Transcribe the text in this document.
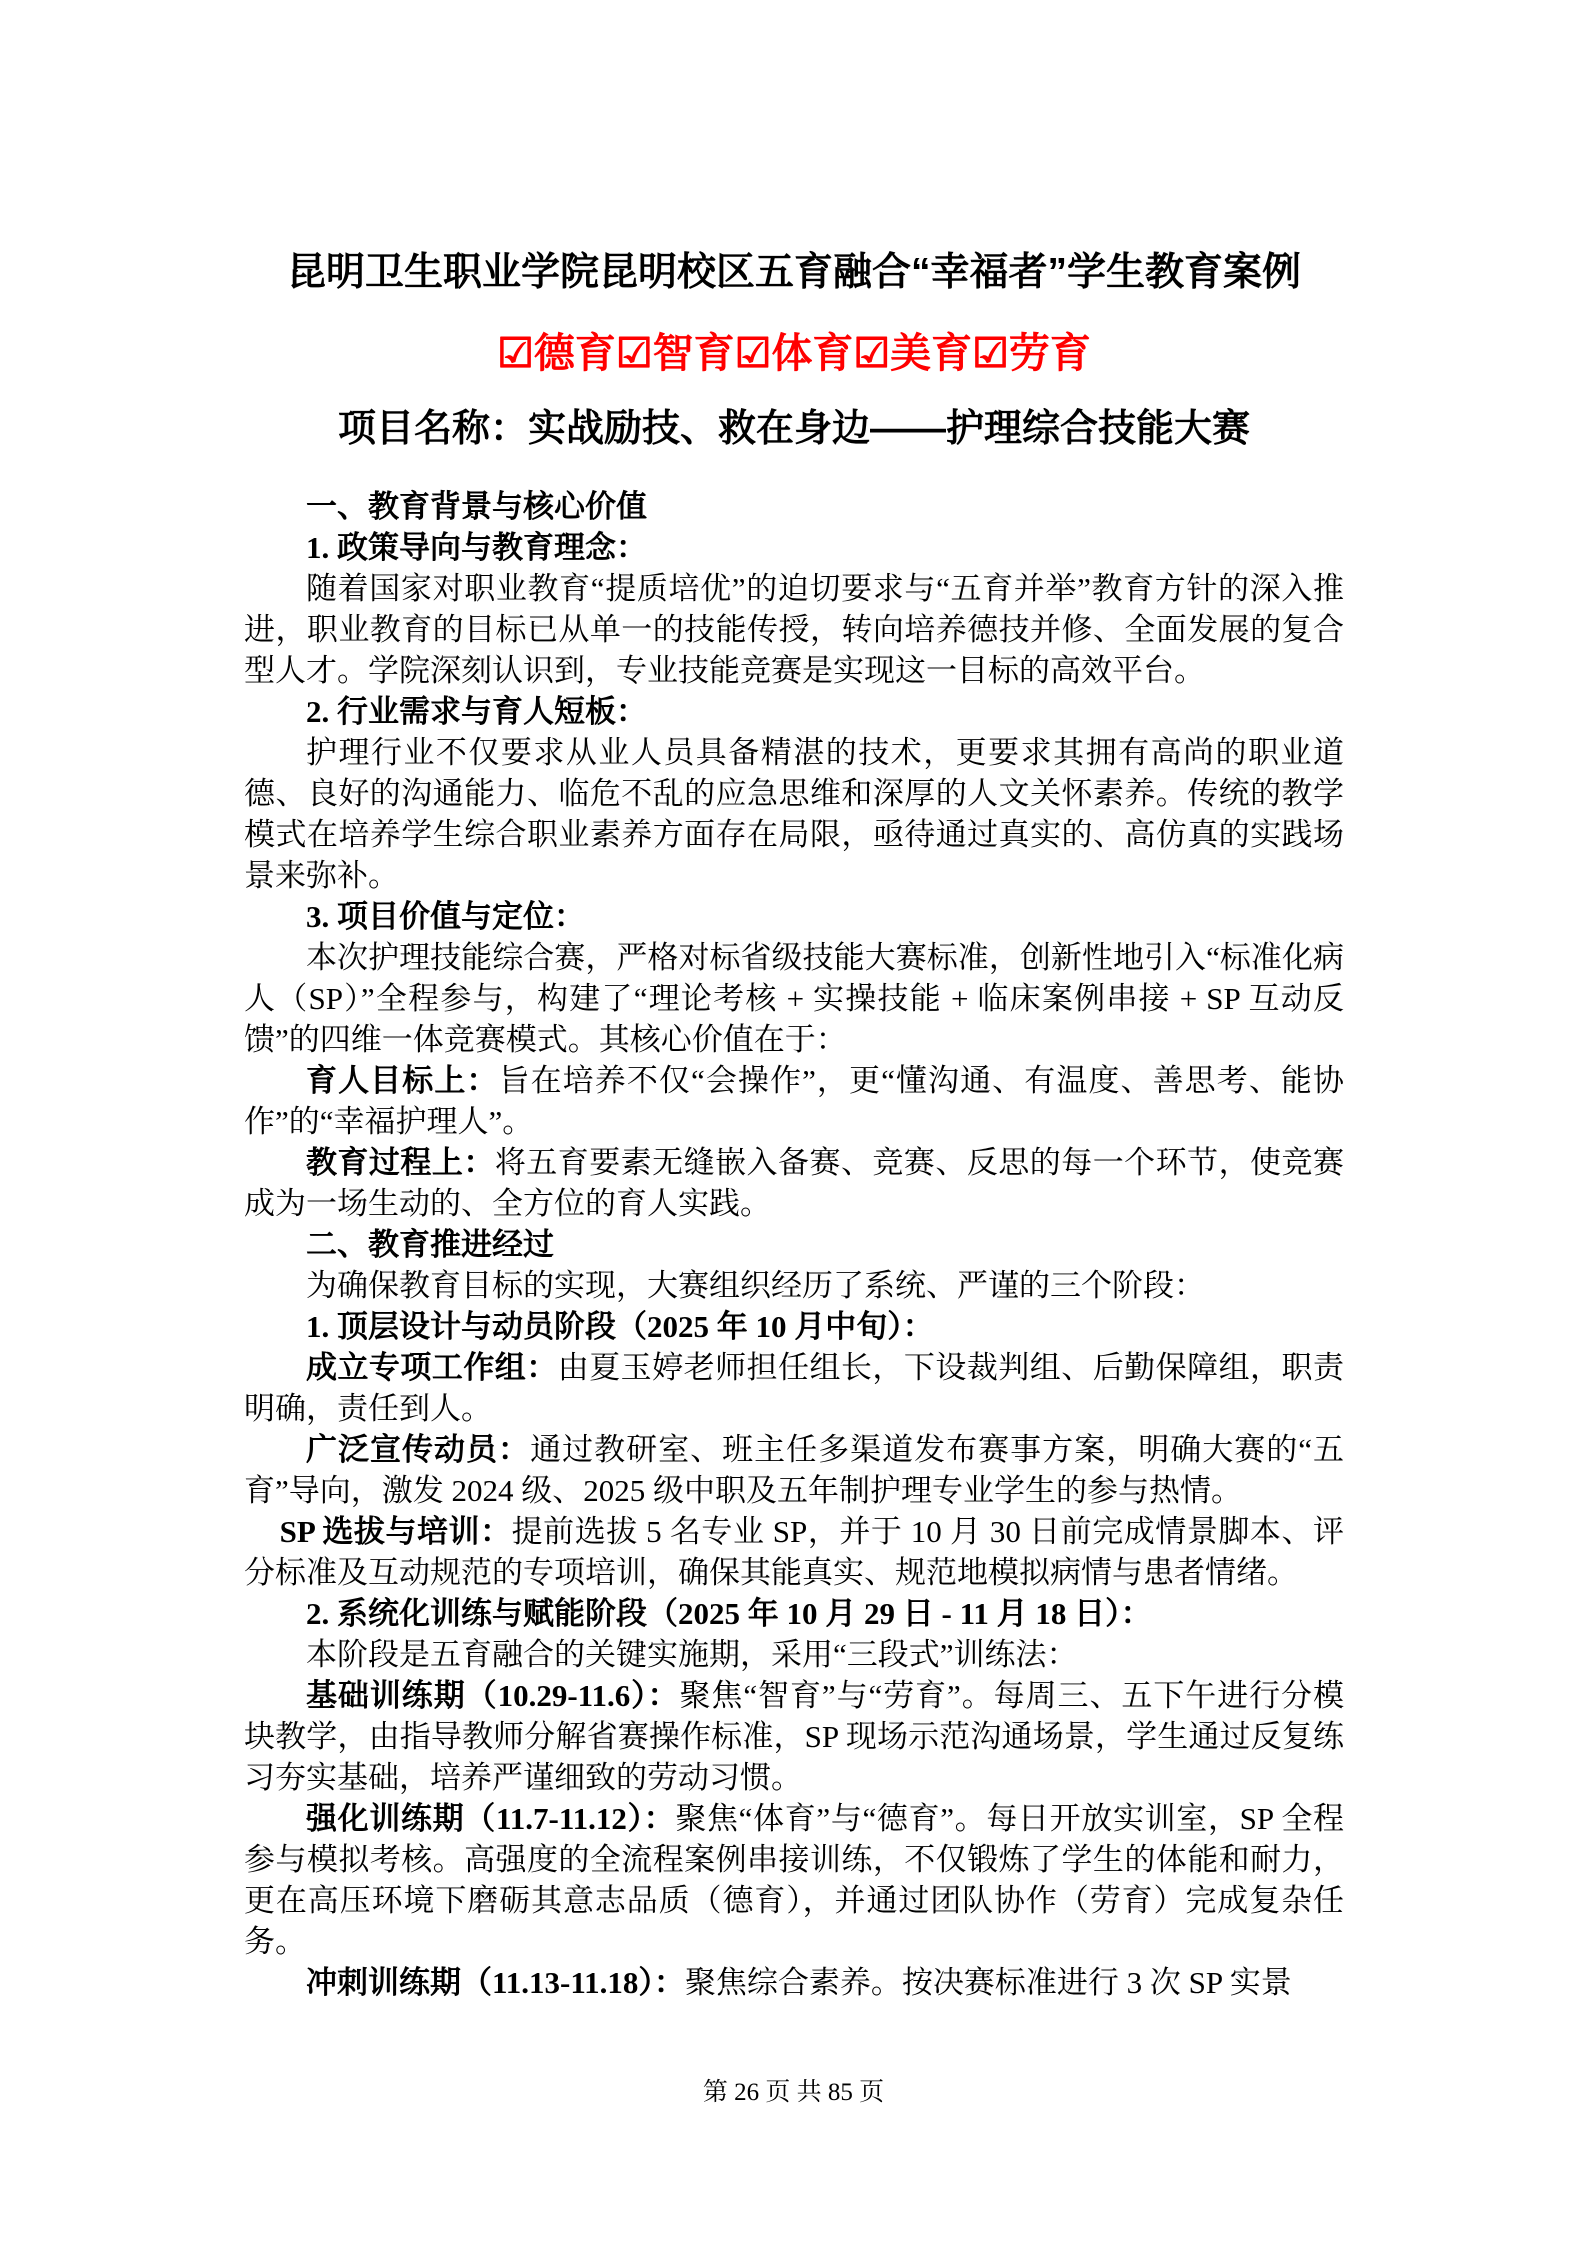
昆明卫生职业学院昆明校区五育融合“幸福者”学生教育案例
☑德育☑智育☑体育☑美育☑劳育
项目名称：实战励技、救在身边——护理综合技能大赛

一、教育背景与核心价值

1. 政策导向与教育理念：

随着国家对职业教育“提质培优”的迫切要求与“五育并举”教育方针的深入推进，职业教育的目标已从单一的技能传授，转向培养德技并修、全面发展的复合型人才。学院深刻认识到，专业技能竞赛是实现这一目标的高效平台。

2. 行业需求与育人短板：

护理行业不仅要求从业人员具备精湛的技术，更要求其拥有高尚的职业道德、良好的沟通能力、临危不乱的应急思维和深厚的人文关怀素养。传统的教学模式在培养学生综合职业素养方面存在局限，亟待通过真实的、高仿真的实践场景来弥补。

3. 项目价值与定位：

本次护理技能综合赛，严格对标省级技能大赛标准，创新性地引入“标准化病人（SP）”全程参与，构建了“理论考核 + 实操技能 + 临床案例串接 + SP 互动反馈”的四维一体竞赛模式。其核心价值在于：

育人目标上：旨在培养不仅“会操作”，更“懂沟通、有温度、善思考、能协作”的“幸福护理人”。

教育过程上：将五育要素无缝嵌入备赛、竞赛、反思的每一个环节，使竞赛成为一场生动的、全方位的育人实践。

二、教育推进经过

为确保教育目标的实现，大赛组织经历了系统、严谨的三个阶段：

1. 顶层设计与动员阶段（2025 年 10 月中旬）：

成立专项工作组：由夏玉婷老师担任组长，下设裁判组、后勤保障组，职责明确，责任到人。

广泛宣传动员：通过教研室、班主任多渠道发布赛事方案，明确大赛的“五育”导向，激发 2024 级、2025 级中职及五年制护理专业学生的参与热情。

SP 选拔与培训：提前选拔 5 名专业 SP，并于 10 月 30 日前完成情景脚本、评分标准及互动规范的专项培训，确保其能真实、规范地模拟病情与患者情绪。

2. 系统化训练与赋能阶段（2025 年 10 月 29 日 - 11 月 18 日）：

本阶段是五育融合的关键实施期，采用“三段式”训练法：

基础训练期（10.29-11.6）：聚焦“智育”与“劳育”。每周三、五下午进行分模块教学，由指导教师分解省赛操作标准，SP 现场示范沟通场景，学生通过反复练习夯实基础，培养严谨细致的劳动习惯。

强化训练期（11.7-11.12）：聚焦“体育”与“德育”。每日开放实训室，SP 全程参与模拟考核。高强度的全流程案例串接训练，不仅锻炼了学生的体能和耐力，更在高压环境下磨砺其意志品质（德育），并通过团队协作（劳育）完成复杂任务。

冲刺训练期（11.13-11.18）：聚焦综合素养。按决赛标准进行 3 次 SP 实景

第 26 页 共 85 页
